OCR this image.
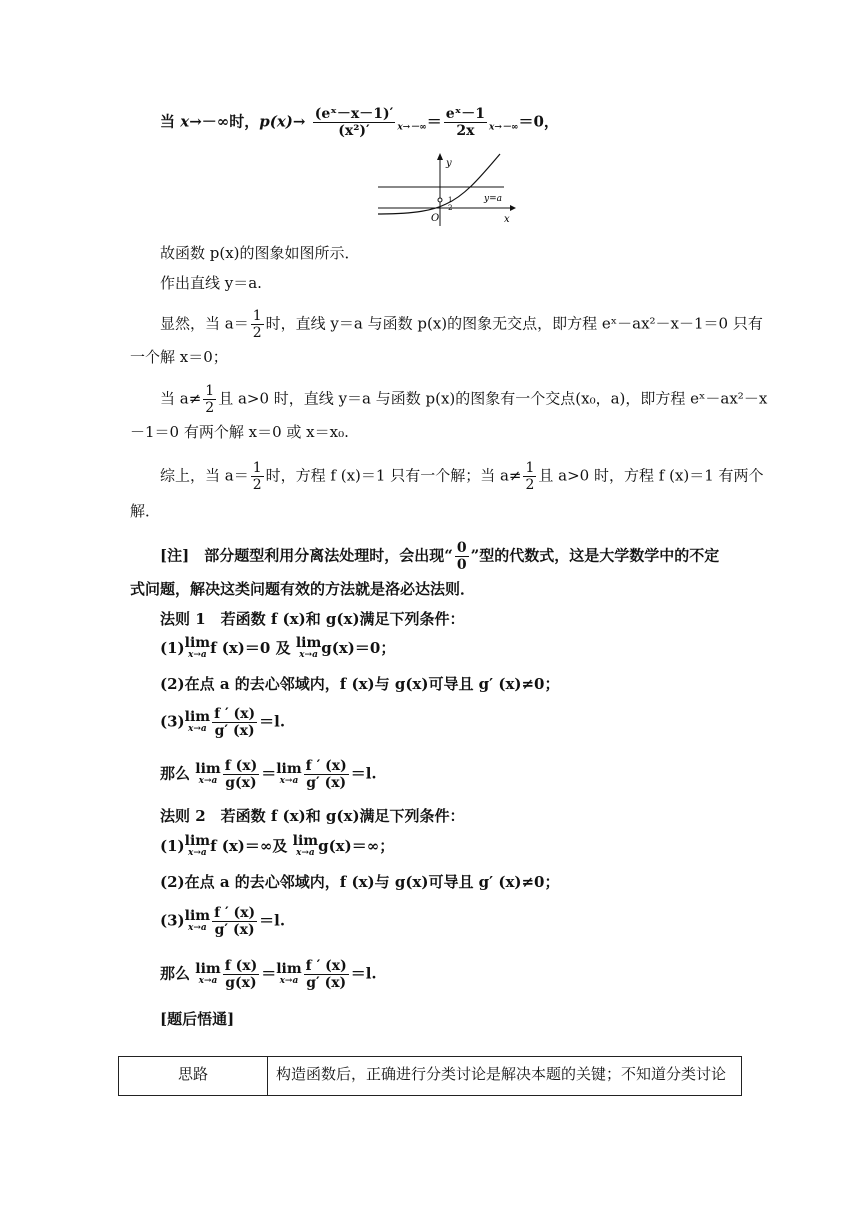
当 x→－∞时，$p(x)\to \frac{\text{(eˣ－x－1)′}}{\text{(x²)′}} _{x\to-\infty}= \frac{\text{eˣ－1}}{2x} _{x\to-\infty}=0$，
y
x
O
1
2
y=a
故函数 p(x)的图象如图所示．
作出直线 y＝a.
显然，当 $a= \frac{1}{2}$ 时，直线 y＝a 与函数 p(x)的图象无交点，即方程 eˣ－ax²－x－1＝0 只有
一个解 x＝0；
当 $a\ne \frac{1}{2}$ 且 a>0 时，直线 y＝a 与函数 p(x)的图象有一个交点(x₀，a)，即方程 eˣ－ax²－x
－1＝0 有两个解 x＝0 或 x＝x₀.
综上，当 $a= \frac{1}{2}$ 时，方程 f (x)＝1 只有一个解；当 $a\ne \frac{1}{2}$ 且 a>0 时，方程 f (x)＝1 有两个
解．
[注]　部分题型利用分离法处理时，会出现“ $\frac{0}{0}$ ”型的代数式，这是大学数学中的不定
式问题，解决这类问题有效的方法就是洛必达法则．
法则 1　若函数 f (x)和 g(x)满足下列条件：
(1) lim
x→a f (x)＝0 及 lim
x→a g(x)＝0；
(2)在点 a 的去心邻域内，f (x)与 g(x)可导且 g′ (x)≠0；
(3) lim
$x\to a \frac{f ' (x)}{g' (x)} =l$.
那么 lim
$x\to a \frac{f (x)}{g(x)} = \lim$
$x\to a \frac{f ' (x)}{g' (x)} =l$.
法则 2　若函数 f (x)和 g(x)满足下列条件：
(1) lim
x→a f (x)＝∞及 lim
x→a g(x)＝∞；
(2)在点 a 的去心邻域内，f (x)与 g(x)可导且 g′ (x)≠0；
(3) lim
$x\to a \frac{f ' (x)}{g' (x)} =l$.
那么 lim
$x\to a \frac{f (x)}{g(x)} = \lim$
$x\to a \frac{f ' (x)}{g' (x)} =l$.
[题后悟通]
思路	构造函数后，正确进行分类讨论是解决本题的关键；不知道分类讨论
